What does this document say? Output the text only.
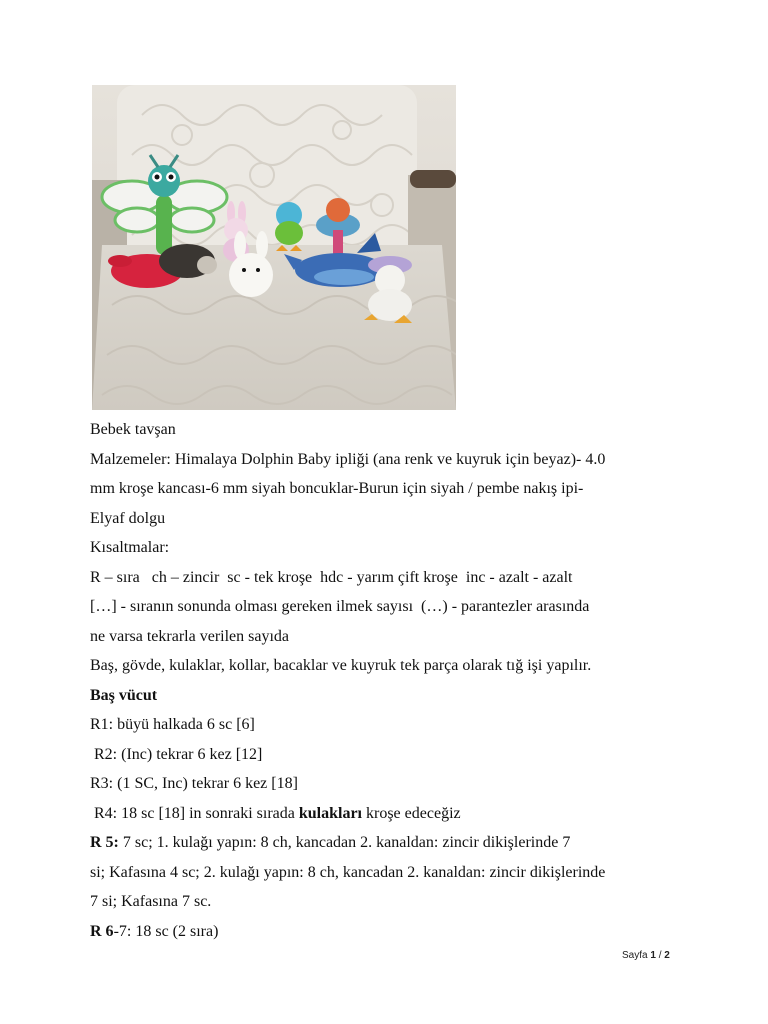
Bebek tavşan
Malzemeler: Himalaya Dolphin Baby ipliği (ana renk ve kuyruk için beyaz)- 4.0
mm kroşe kancası-6 mm siyah boncuklar-Burun için siyah / pembe nakış ipi-
Elyaf dolgu
Kısaltmalar:
R – sıra   ch – zincir  sc - tek kroşe  hdc - yarım çift kroşe  inc - azalt - azalt
[…] - sıranın sonunda olması gereken ilmek sayısı  (…) - parantezler arasında
ne varsa tekrarla verilen sayıda
Baş, gövde, kulaklar, kollar, bacaklar ve kuyruk tek parça olarak tığ işi yapılır.
Baş vücut
R1: büyü halkada 6 sc [6]
R2: (Inc) tekrar 6 kez [12]
R3: (1 SC, Inc) tekrar 6 kez [18]
R4: 18 sc [18] in sonraki sırada kulakları kroşe edeceğiz
R 5: 7 sc; 1. kulağı yapın: 8 ch, kancadan 2. kanaldan: zincir dikişlerinde 7
si; Kafasına 4 sc; 2. kulağı yapın: 8 ch, kancadan 2. kanaldan: zincir dikişlerinde
7 si; Kafasına 7 sc.
R 6-7: 18 sc (2 sıra)
Sayfa 1 / 2
